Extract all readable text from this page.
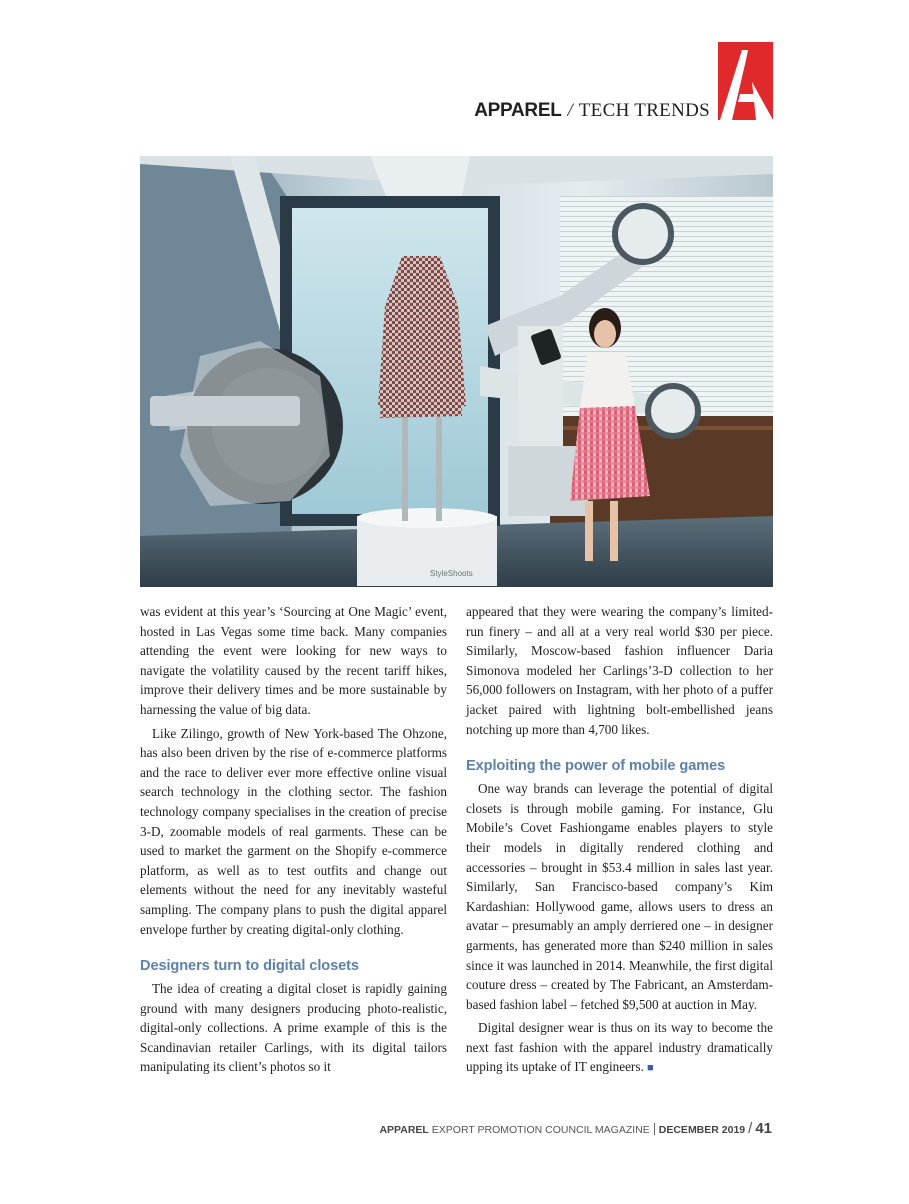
APPAREL / TECH TRENDS
StyleShoots

was evident at this year’s ‘Sourcing at One Magic’ event, hosted in Las Vegas some time back. Many companies attending the event were looking for new ways to navigate the volatility caused by the recent tariff hikes, improve their delivery times and be more sustainable by harnessing the value of big data.

Like Zilingo, growth of New York-based The Ohzone, has also been driven by the rise of e-commerce platforms and the race to deliver ever more effective online visual search technology in the clothing sector. The fashion technology company specialises in the creation of precise 3-D, zoomable models of real garments. These can be used to market the garment on the Shopify e-commerce platform, as well as to test outfits and change out elements without the need for any inevitably wasteful sampling. The company plans to push the digital apparel envelope further by creating digital-only clothing.

Designers turn to digital closets

The idea of creating a digital closet is rapidly gaining ground with many designers producing photo-realistic, digital-only collections. A prime example of this is the Scandinavian retailer Carlings, with its digital tailors manipulating its client’s photos so it

appeared that they were wearing the company’s limited-run finery – and all at a very real world $30 per piece. Similarly, Moscow-based fashion influencer Daria Simonova modeled her Carlings’3-D collection to her 56,000 followers on Instagram, with her photo of a puffer jacket paired with lightning bolt-embellished jeans notching up more than 4,700 likes.

Exploiting the power of mobile games

One way brands can leverage the potential of digital closets is through mobile gaming. For instance, Glu Mobile’s Covet Fashiongame enables players to style their models in digitally rendered clothing and accessories – brought in $53.4 million in sales last year. Similarly, San Francisco-based company’s Kim Kardashian: Hollywood game, allows users to dress an avatar – presumably an amply derriered one – in designer garments, has generated more than $240 million in sales since it was launched in 2014. Meanwhile, the first digital couture dress – created by The Fabricant, an Amsterdam-based fashion label – fetched $9,500 at auction in May.

Digital designer wear is thus on its way to become the next fast fashion with the apparel industry dramatically upping its uptake of IT engineers. ■

APPAREL EXPORT PROMOTION COUNCIL MAGAZINE DECEMBER 2019 / 41
